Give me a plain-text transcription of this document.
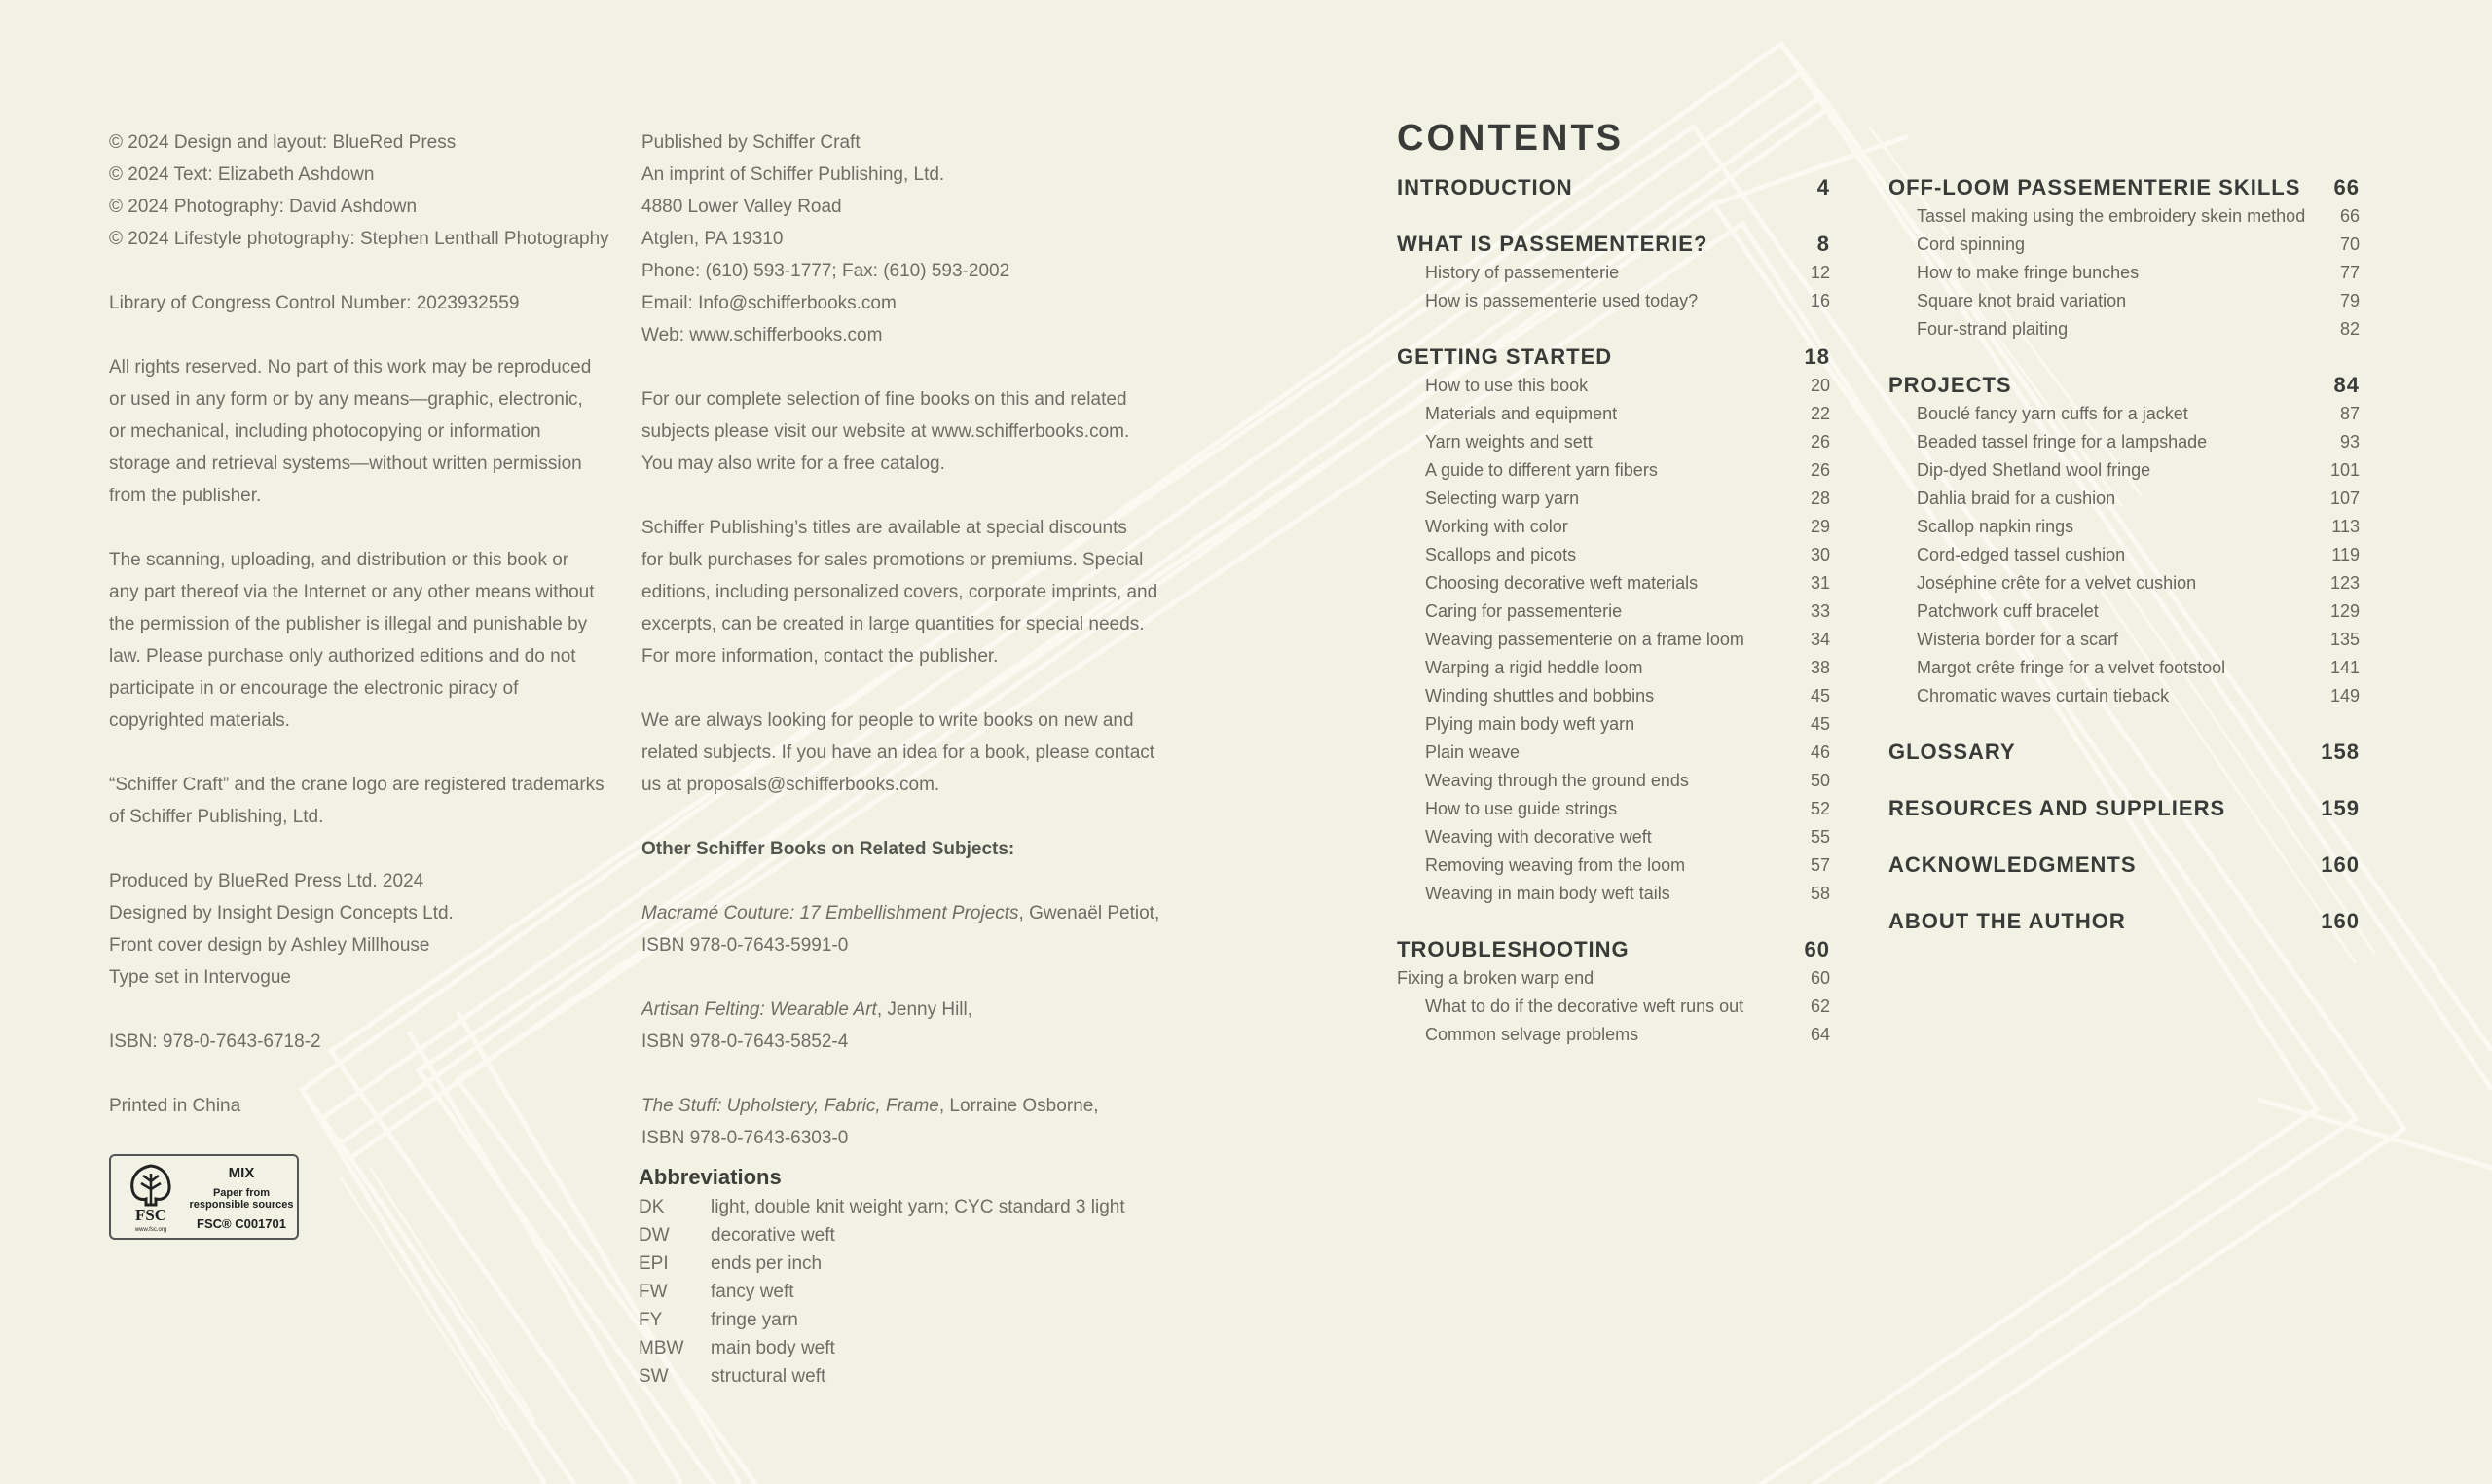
© 2024 Design and layout: BlueRed Press
© 2024 Text: Elizabeth Ashdown
© 2024 Photography: David Ashdown
© 2024 Lifestyle photography: Stephen Lenthall Photography

Library of Congress Control Number: 2023932559

All rights reserved. No part of this work may be reproduced
or used in any form or by any means—graphic, electronic,
or mechanical, including photocopying or information
storage and retrieval systems—without written permission
from the publisher.

The scanning, uploading, and distribution or this book or
any part thereof via the Internet or any other means without
the permission of the publisher is illegal and punishable by
law. Please purchase only authorized editions and do not
participate in or encourage the electronic piracy of
copyrighted materials.

“Schiffer Craft” and the crane logo are registered trademarks
of Schiffer Publishing, Ltd.

Produced by BlueRed Press Ltd. 2024
Designed by Insight Design Concepts Ltd.
Front cover design by Ashley Millhouse
Type set in Intervogue

ISBN: 978-0-7643-6718-2

Printed in China

FSC
www.fsc.org
MIX
Paper from
responsible sources
FSC® C001701

Published by Schiffer Craft
An imprint of Schiffer Publishing, Ltd.
4880 Lower Valley Road
Atglen, PA 19310
Phone: (610) 593-1777; Fax: (610) 593-2002
Email: Info@schifferbooks.com
Web: www.schifferbooks.com

For our complete selection of fine books on this and related
subjects please visit our website at www.schifferbooks.com.
You may also write for a free catalog.

Schiffer Publishing’s titles are available at special discounts
for bulk purchases for sales promotions or premiums. Special
editions, including personalized covers, corporate imprints, and
excerpts, can be created in large quantities for special needs.
For more information, contact the publisher.

We are always looking for people to write books on new and
related subjects. If you have an idea for a book, please contact
us at proposals@schifferbooks.com.

Other Schiffer Books on Related Subjects:

Macramé Couture: 17 Embellishment Projects, Gwenaël Petiot,
ISBN 978-0-7643-5991-0

Artisan Felting: Wearable Art, Jenny Hill,
ISBN 978-0-7643-5852-4

The Stuff: Upholstery, Fabric, Frame, Lorraine Osborne,
ISBN 978-0-7643-6303-0

Abbreviations
DK	light, double knit weight yarn; CYC standard 3 light
DW	decorative weft
EPI	ends per inch
FW	fancy weft
FY	fringe yarn
MBW	main body weft
SW	structural weft
CONTENTS
INTRODUCTION	4
WHAT IS PASSEMENTERIE?	8
History of passementerie	12
How is passementerie used today?	16
GETTING STARTED	18
How to use this book	20
Materials and equipment	22
Yarn weights and sett	26
A guide to different yarn fibers	26
Selecting warp yarn	28
Working with color	29
Scallops and picots	30
Choosing decorative weft materials	31
Caring for passementerie	33
Weaving passementerie on a frame loom	34
Warping a rigid heddle loom	38
Winding shuttles and bobbins	45
Plying main body weft yarn	45
Plain weave	46
Weaving through the ground ends	50
How to use guide strings	52
Weaving with decorative weft	55
Removing weaving from the loom	57
Weaving in main body weft tails	58
TROUBLESHOOTING	60
Fixing a broken warp end	60
What to do if the decorative weft runs out	62
Common selvage problems	64
OFF-LOOM PASSEMENTERIE SKILLS 66
Tassel making using the embroidery skein method 66
Cord spinning	70
How to make fringe bunches	77
Square knot braid variation	79
Four-strand plaiting	82
PROJECTS	84
Bouclé fancy yarn cuffs for a jacket	87
Beaded tassel fringe for a lampshade	93
Dip-dyed Shetland wool fringe	101
Dahlia braid for a cushion	107
Scallop napkin rings	113
Cord-edged tassel cushion	119
Joséphine crête for a velvet cushion	123
Patchwork cuff bracelet	129
Wisteria border for a scarf	135
Margot crête fringe for a velvet footstool	141
Chromatic waves curtain tieback	149
GLOSSARY	158
RESOURCES AND SUPPLIERS	159
ACKNOWLEDGMENTS	160
ABOUT THE AUTHOR	160
